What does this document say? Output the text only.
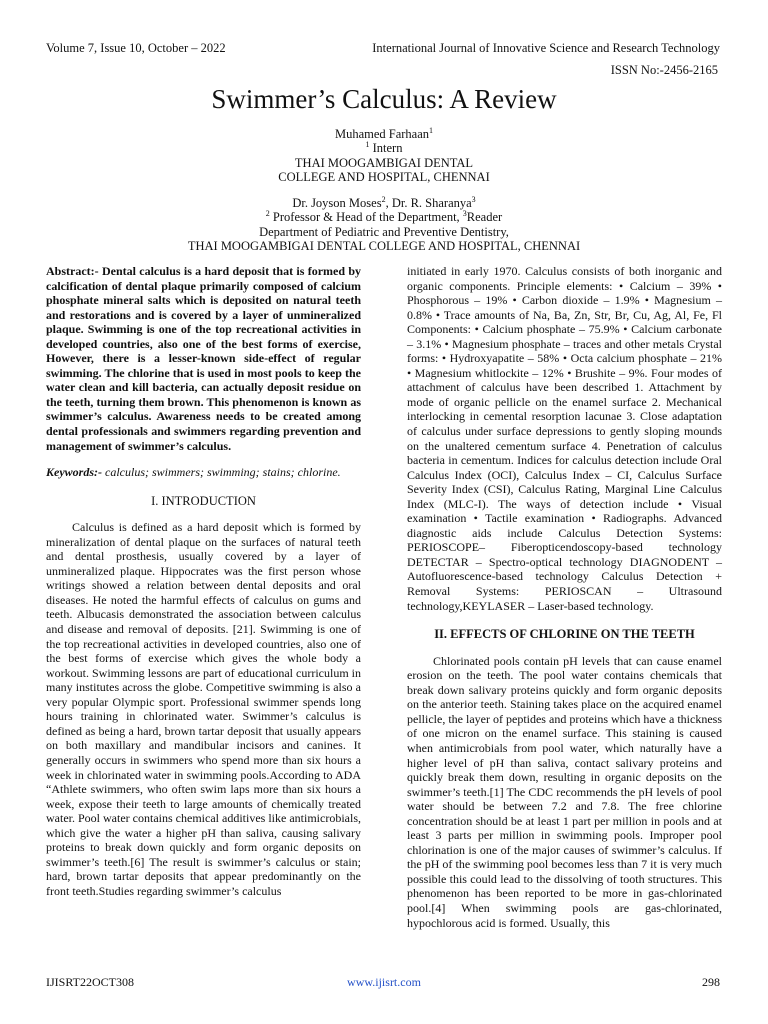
Volume 7, Issue 10, October – 2022	International Journal of Innovative Science and Research Technology
ISSN No:-2456-2165
Swimmer’s Calculus: A Review
Muhamed Farhaan$^1$
$^1$ Intern
THAI MOOGAMBIGAI DENTAL
COLLEGE AND HOSPITAL, CHENNAI
Dr. Joyson Moses$^2$, Dr. R. Sharanya$^3$
$^2$ Professor & Head of the Department, $^3$Reader
Department of Pediatric and Preventive Dentistry,
THAI MOOGAMBIGAI DENTAL COLLEGE AND HOSPITAL, CHENNAI

Abstract:- Dental calculus is a hard deposit that is formed by calcification of dental plaque primarily composed of calcium phosphate mineral salts which is deposited on natural teeth and restorations and is covered by a layer of unmineralized plaque. Swimming is one of the top recreational activities in developed countries, also one of the best forms of exercise, However, there is a lesser-known side-effect of regular swimming. The chlorine that is used in most pools to keep the water clean and kill bacteria, can actually deposit residue on the teeth, turning them brown. This phenomenon is known as swimmer’s calculus. Awareness needs to be created among dental professionals and swimmers regarding prevention and management of swimmer’s calculus.

Keywords:- calculus; swimmers; swimming; stains; chlorine.

I. INTRODUCTION

Calculus is defined as a hard deposit which is formed by mineralization of dental plaque on the surfaces of natural teeth and dental prosthesis, usually covered by a layer of unmineralized plaque. Hippocrates was the first person whose writings showed a relation between dental deposits and oral diseases. He noted the harmful effects of calculus on gums and teeth. Albucasis demonstrated the association between calculus and disease and removal of deposits. [21]. Swimming is one of the top recreational activities in developed countries, also one of the best forms of exercise which gives the whole body a workout. Swimming lessons are part of educational curriculum in many institutes across the globe. Competitive swimming is also a very popular Olympic sport. Professional swimmer spends long hours training in chlorinated water. Swimmer’s calculus is defined as being a hard, brown tartar deposit that usually appears on both maxillary and mandibular incisors and canines. It generally occurs in swimmers who spend more than six hours a week in chlorinated water in swimming pools.According to ADA “Athlete swimmers, who often swim laps more than six hours a week, expose their teeth to large amounts of chemically treated water. Pool water contains chemical additives like antimicrobials, which give the water a higher pH than saliva, causing salivary proteins to break down quickly and form organic deposits on swimmer’s teeth.[6] The result is swimmer’s calculus or stain; hard, brown tartar deposits that appear predominantly on the front teeth.Studies regarding swimmer’s calculus

initiated in early 1970. Calculus consists of both inorganic and organic components. Principle elements: • Calcium – 39% • Phosphorous – 19% • Carbon dioxide – 1.9% • Magnesium – 0.8% • Trace amounts of Na, Ba, Zn, Str, Br, Cu, Ag, Al, Fe, Fl Components: • Calcium phosphate – 75.9% • Calcium carbonate – 3.1% • Magnesium phosphate – traces and other metals Crystal forms: • Hydroxyapatite – 58% • Octa calcium phosphate – 21% • Magnesium whitlockite – 12% • Brushite – 9%. Four modes of attachment of calculus have been described 1. Attachment by mode of organic pellicle on the enamel surface 2. Mechanical interlocking in cemental resorption lacunae 3. Close adaptation of calculus under surface depressions to gently sloping mounds on the unaltered cementum surface 4. Penetration of calculus bacteria in cementum. Indices for calculus detection include Oral Calculus Index (OCI), Calculus Index – CI, Calculus Surface Severity Index (CSI), Calculus Rating, Marginal Line Calculus Index (MLC-I). The ways of detection include • Visual examination • Tactile examination • Radiographs. Advanced diagnostic aids include Calculus Detection Systems: PERIOSCOPE– Fiberopticendoscopy-based technology DETECTAR – Spectro-optical technology DIAGNODENT – Autofluorescence-based technology Calculus Detection + Removal Systems: PERIOSCAN – Ultrasound technology,KEYLASER – Laser-based technology.

II. EFFECTS OF CHLORINE ON THE TEETH

Chlorinated pools contain pH levels that can cause enamel erosion on the teeth. The pool water contains chemicals that break down salivary proteins quickly and form organic deposits on the anterior teeth. Staining takes place on the acquired enamel pellicle, the layer of peptides and proteins which have a thickness of one micron on the enamel surface. This staining is caused when antimicrobials from pool water, which naturally have a higher level of pH than saliva, contact salivary proteins and quickly break them down, resulting in organic deposits on the swimmer’s teeth.[1] The CDC recommends the pH levels of pool water should be between 7.2 and 7.8. The free chlorine concentration should be at least 1 part per million in pools and at least 3 parts per million in swimming pools. Improper pool chlorination is one of the major causes of swimmer’s calculus. If the pH of the swimming pool becomes less than 7 it is very much possible this could lead to the dissolving of tooth structures. This phenomenon has been reported to be more in gas-chlorinated pool.[4] When swimming pools are gas-chlorinated, hypochlorous acid is formed. Usually, this

IJISRT22OCT308	www.ijisrt.com	298
